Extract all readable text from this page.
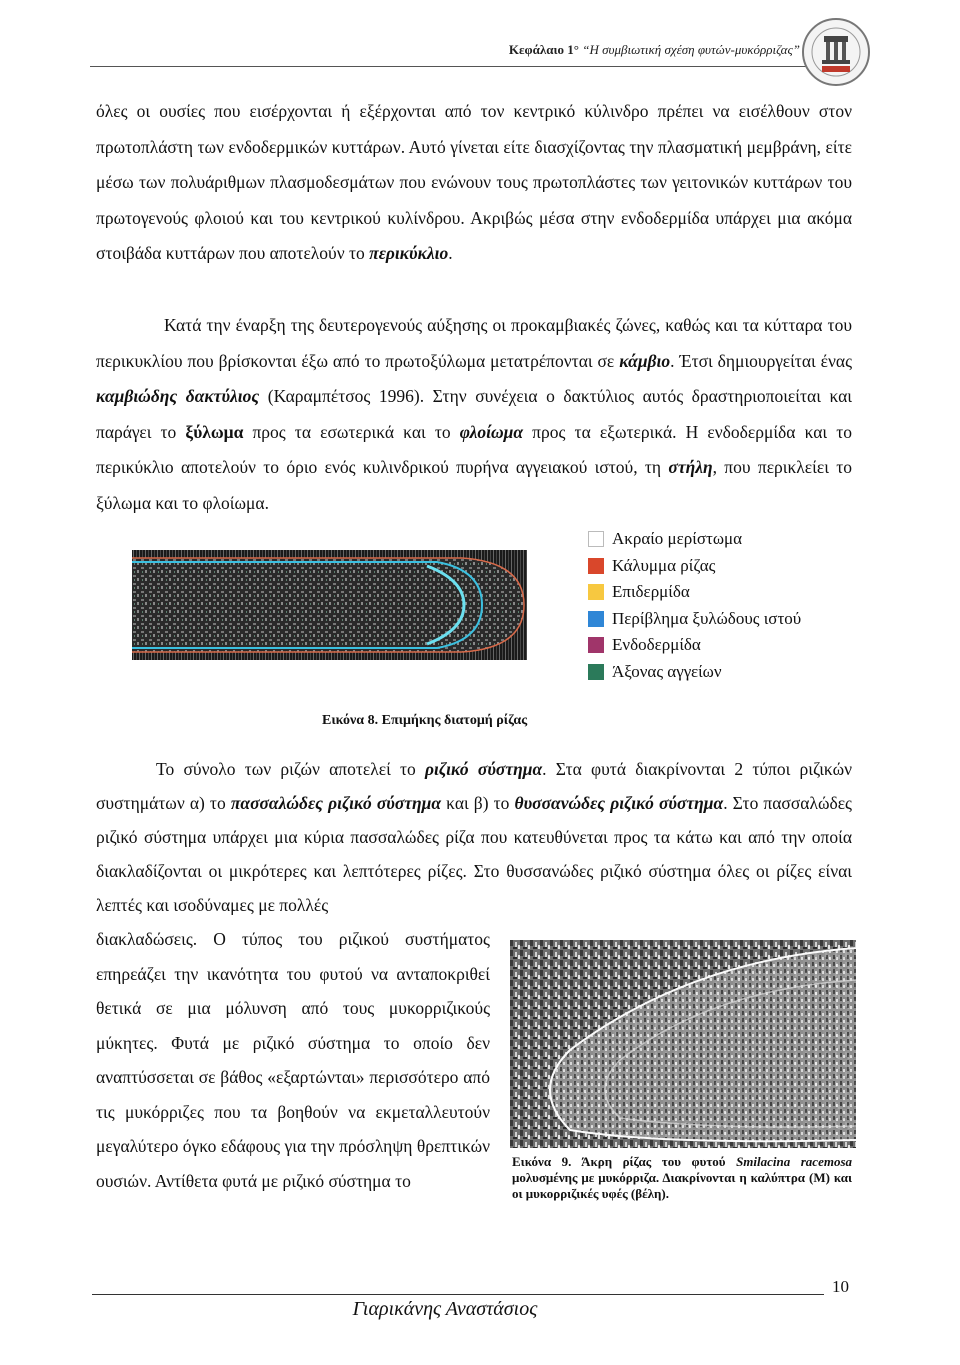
Κεφάλαιο 1° “Η συμβιωτική σχέση φυτών-μυκόρριζας”

όλες οι ουσίες που εισέρχονται ή εξέρχονται από τον κεντρικό κύλινδρο πρέπει να εισέλθουν στον πρωτοπλάστη των ενδοδερμικών κυττάρων. Αυτό γίνεται είτε διασχίζοντας την πλασματική μεμβράνη, είτε μέσω των πολυάριθμων πλασμοδεσμάτων που ενώνουν τους πρωτοπλάστες των γειτονικών κυττάρων του πρωτογενούς φλοιού και του κεντρικού κυλίνδρου. Ακριβώς μέσα στην ενδοδερμίδα υπάρχει μια ακόμα στοιβάδα κυττάρων που αποτελούν το περικύκλιο.

Κατά την έναρξη της δευτερογενούς αύξησης οι προκαμβιακές ζώνες, καθώς και τα κύτταρα του περικυκλίου που βρίσκονται έξω από το πρωτοξύλωμα μετατρέπονται σε κάμβιο. Έτσι δημιουργείται ένας καμβιώδης δακτύλιος (Καραμπέτσος 1996). Στην συνέχεια ο δακτύλιος αυτός δραστηριοποιείται και παράγει το ξύλωμα προς τα εσωτερικά και το φλοίωμα προς τα εξωτερικά. Η ενδοδερμίδα και το περικύκλιο αποτελούν το όριο ενός κυλινδρικού πυρήνα αγγειακού ιστού, τη στήλη, που περικλείει το ξύλωμα και το φλοίωμα.

Ακραίο μερίστωμα
Κάλυμμα ρίζας
Επιδερμίδα
Περίβλημα ξυλώδους ιστού
Ενδοδερμίδα
Άξονας αγγείων
Εικόνα 8. Επιμήκης διατομή ρίζας

Το σύνολο των ριζών αποτελεί το ριζικό σύστημα. Στα φυτά διακρίνονται 2 τύποι ριζικών συστημάτων α) το πασσαλώδες ριζικό σύστημα και β) το θυσσανώδες ριζικό σύστημα. Στο πασσαλώδες ριζικό σύστημα υπάρχει μια κύρια πασσαλώδες ρίζα που κατευθύνεται προς τα κάτω και από την οποία διακλαδίζονται οι μικρότερες και λεπτότερες ρίζες. Στο θυσσανώδες ριζικό σύστημα όλες οι ρίζες είναι λεπτές και ισοδύναμες με πολλές

διακλαδώσεις. Ο τύπος του ριζικού συστήματος επηρεάζει την ικανότητα του φυτού να ανταποκριθεί θετικά σε μια μόλυνση από τους μυκορριζικούς μύκητες. Φυτά με ριζικό σύστημα το οποίο δεν αναπτύσσεται σε βάθος «εξαρτώνται» περισσότερο από τις μυκόρριζες που τα βοηθούν να εκμεταλλευτούν μεγαλύτερο όγκο εδάφους για την πρόσληψη θρεπτικών ουσιών. Αντίθετα φυτά με ριζικό σύστημα το

Εικόνα 9. Άκρη ρίζας του φυτού Smilacina racemosa μολυσμένης με μυκόρριζα. Διακρίνονται η καλύπτρα (Μ) και οι μυκορριζικές υφές (βέλη).
10
Γιαρικάνης Αναστάσιος
